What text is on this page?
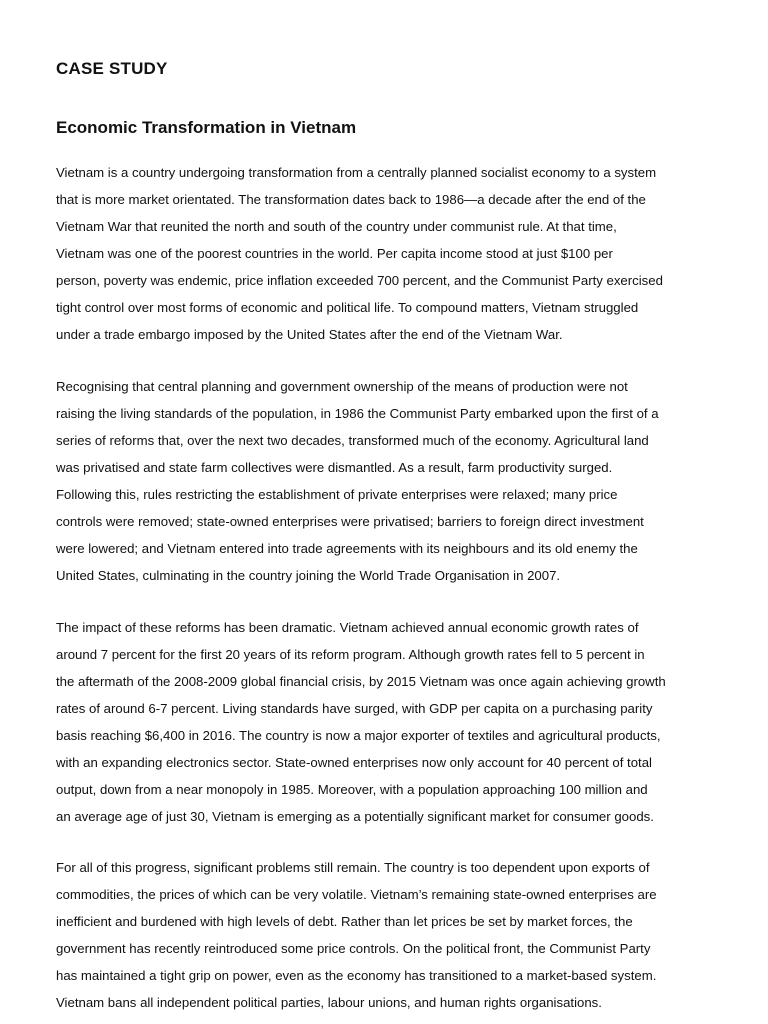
CASE STUDY
Economic Transformation in Vietnam
Vietnam is a country undergoing transformation from a centrally planned socialist economy to a system
that is more market orientated. The transformation dates back to 1986—a decade after the end of the
Vietnam War that reunited the north and south of the country under communist rule. At that time,
Vietnam was one of the poorest countries in the world. Per capita income stood at just $100 per
person, poverty was endemic, price inflation exceeded 700 percent, and the Communist Party exercised
tight control over most forms of economic and political life. To compound matters, Vietnam struggled
under a trade embargo imposed by the United States after the end of the Vietnam War.
Recognising that central planning and government ownership of the means of production were not
raising the living standards of the population, in 1986 the Communist Party embarked upon the first of a
series of reforms that, over the next two decades, transformed much of the economy. Agricultural land
was privatised and state farm collectives were dismantled. As a result, farm productivity surged.
Following this, rules restricting the establishment of private enterprises were relaxed; many price
controls were removed; state-owned enterprises were privatised; barriers to foreign direct investment
were lowered; and Vietnam entered into trade agreements with its neighbours and its old enemy the
United States, culminating in the country joining the World Trade Organisation in 2007.
The impact of these reforms has been dramatic. Vietnam achieved annual economic growth rates of
around 7 percent for the first 20 years of its reform program. Although growth rates fell to 5 percent in
the aftermath of the 2008-2009 global financial crisis, by 2015 Vietnam was once again achieving growth
rates of around 6-7 percent. Living standards have surged, with GDP per capita on a purchasing parity
basis reaching $6,400 in 2016. The country is now a major exporter of textiles and agricultural products,
with an expanding electronics sector. State-owned enterprises now only account for 40 percent of total
output, down from a near monopoly in 1985. Moreover, with a population approaching 100 million and
an average age of just 30, Vietnam is emerging as a potentially significant market for consumer goods.
For all of this progress, significant problems still remain. The country is too dependent upon exports of
commodities, the prices of which can be very volatile. Vietnam’s remaining state-owned enterprises are
inefficient and burdened with high levels of debt. Rather than let prices be set by market forces, the
government has recently reintroduced some price controls. On the political front, the Communist Party
has maintained a tight grip on power, even as the economy has transitioned to a market-based system.
Vietnam bans all independent political parties, labour unions, and human rights organisations.
